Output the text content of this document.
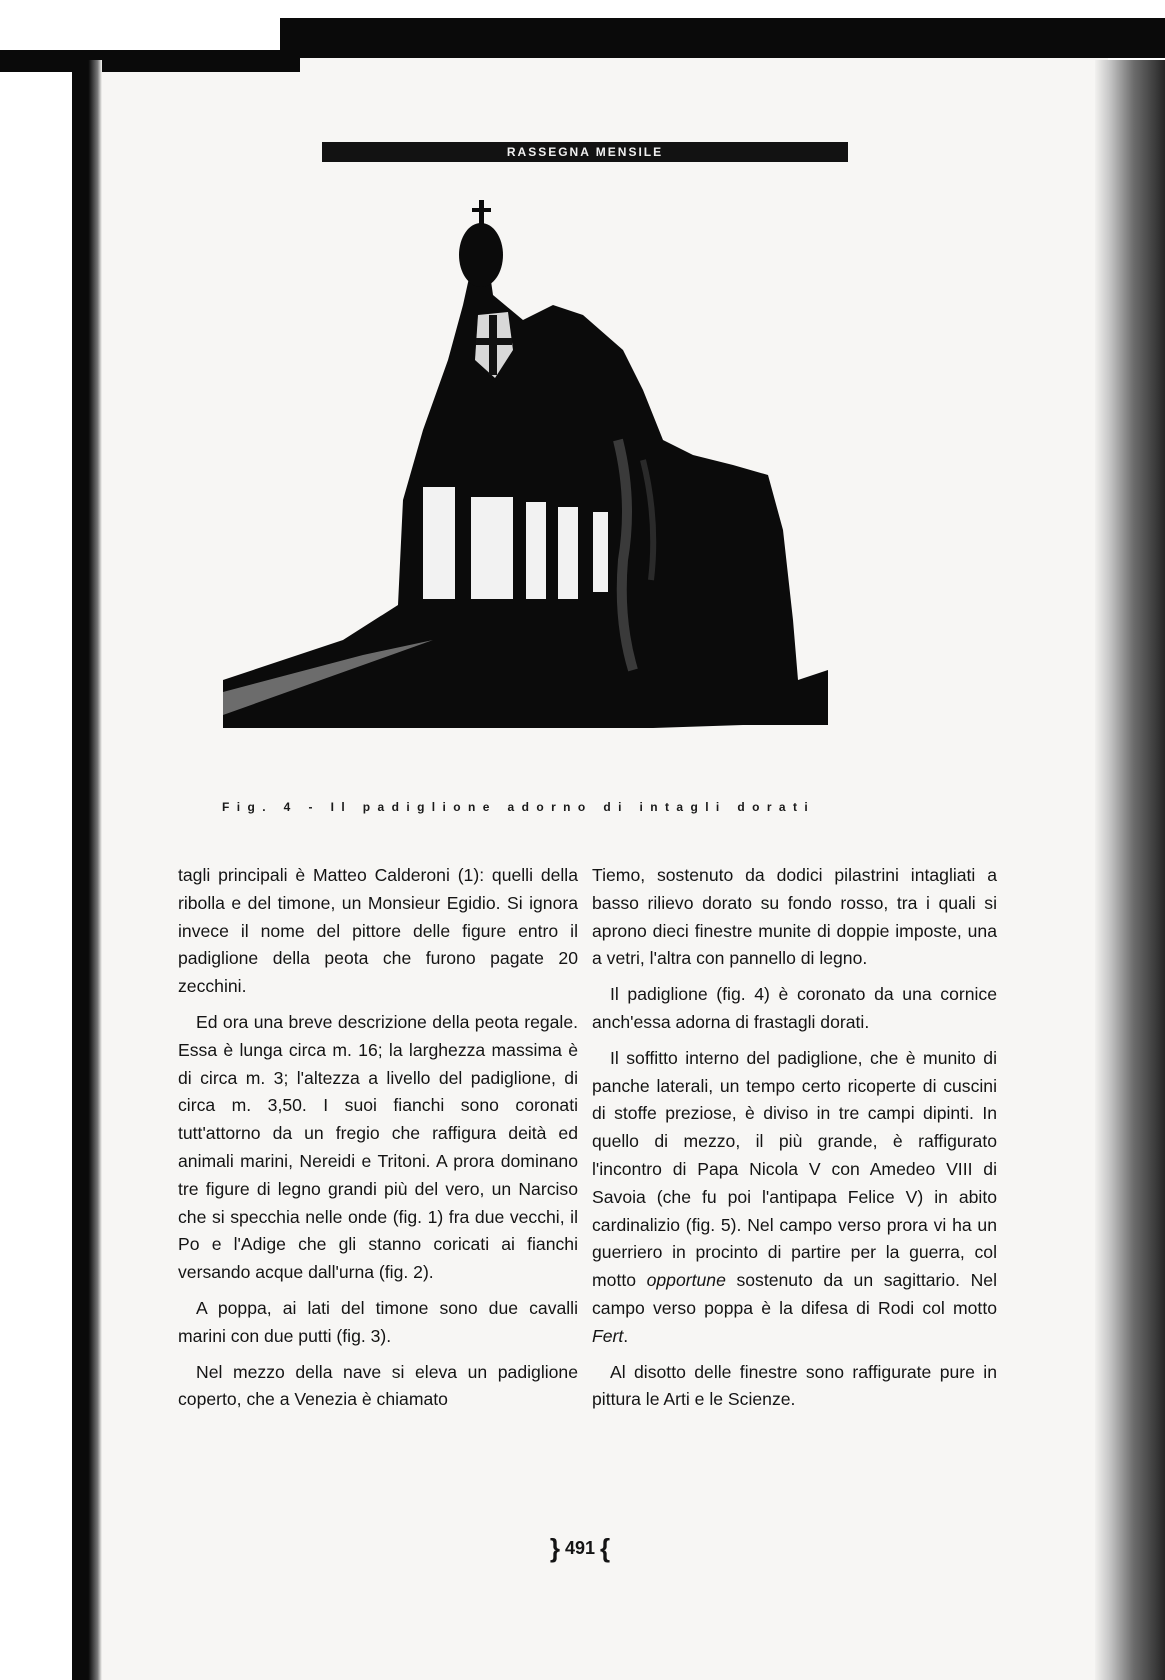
RASSEGNA MENSILE
Fig. 4 - Il padiglione adorno di intagli dorati

tagli principali è Matteo Calderoni (1): quelli della ribolla e del timone, un Monsieur Egidio. Si ignora invece il nome del pittore delle figure entro il padiglione della peota che furono pagate 20 zecchini.

Ed ora una breve descrizione della peota regale. Essa è lunga circa m. 16; la larghezza massima è di circa m. 3; l'altezza a livello del padiglione, di circa m. 3,50. I suoi fianchi sono coronati tutt'attorno da un fregio che raffigura deità ed animali marini, Nereidi e Tritoni. A prora dominano tre figure di legno grandi più del vero, un Narciso che si specchia nelle onde (fig. 1) fra due vecchi, il Po e l'Adige che gli stanno coricati ai fianchi versando acque dall'urna (fig. 2).

A poppa, ai lati del timone sono due cavalli marini con due putti (fig. 3).

Nel mezzo della nave si eleva un padiglione coperto, che a Venezia è chiamato

Tiemo, sostenuto da dodici pilastrini intagliati a basso rilievo dorato su fondo rosso, tra i quali si aprono dieci finestre munite di doppie imposte, una a vetri, l'altra con pannello di legno.

Il padiglione (fig. 4) è coronato da una cornice anch'essa adorna di frastagli dorati.

Il soffitto interno del padiglione, che è munito di panche laterali, un tempo certo ricoperte di cuscini di stoffe preziose, è diviso in tre campi dipinti. In quello di mezzo, il più grande, è raffigurato l'incontro di Papa Nicola V con Amedeo VIII di Savoia (che fu poi l'antipapa Felice V) in abito cardinalizio (fig. 5). Nel campo verso prora vi ha un guerriero in procinto di partire per la guerra, col motto opportune sostenuto da un sagittario. Nel campo verso poppa è la difesa di Rodi col motto Fert.

Al disotto delle finestre sono raffigurate pure in pittura le Arti e le Scienze.

} 491 {
